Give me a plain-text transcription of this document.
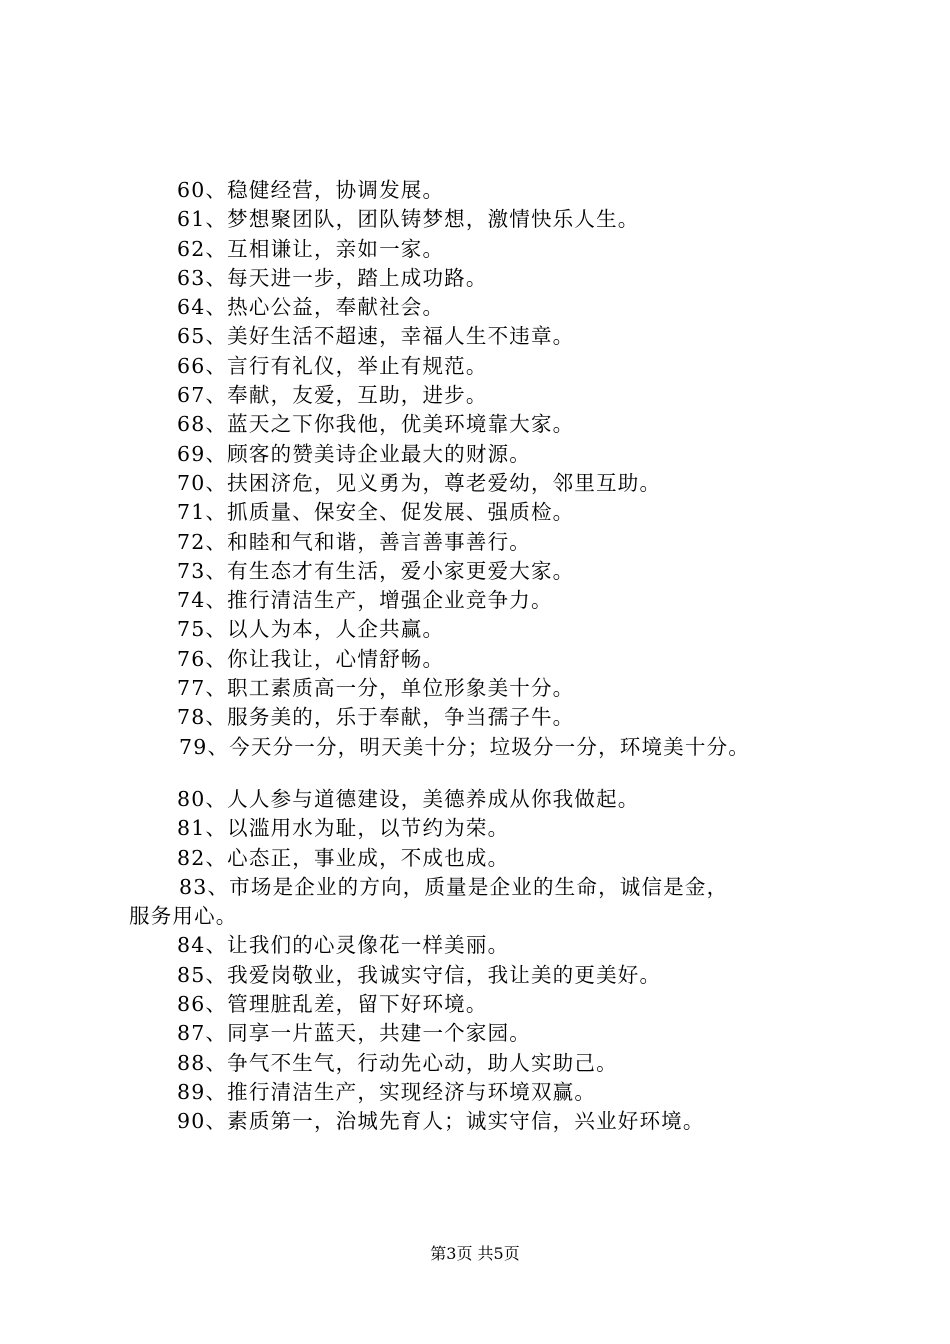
60、稳健经营，协调发展。
61、梦想聚团队，团队铸梦想，激情快乐人生。
62、互相谦让，亲如一家。
63、每天进一步，踏上成功路。
64、热心公益，奉献社会。
65、美好生活不超速，幸福人生不违章。
66、言行有礼仪，举止有规范。
67、奉献，友爱，互助，进步。
68、蓝天之下你我他，优美环境靠大家。
69、顾客的赞美诗企业最大的财源。
70、扶困济危，见义勇为，尊老爱幼，邻里互助。
71、抓质量、保安全、促发展、强质检。
72、和睦和气和谐，善言善事善行。
73、有生态才有生活，爱小家更爱大家。
74、推行清洁生产，增强企业竞争力。
75、以人为本，人企共赢。
76、你让我让，心情舒畅。
77、职工素质高一分，单位形象美十分。
78、服务美的，乐于奉献，争当孺子牛。
79、今天分一分，明天美十分；垃圾分一分，环境美十分。
80、人人参与道德建设，美德养成从你我做起。
81、以滥用水为耻，以节约为荣。
82、心态正，事业成，不成也成。
83、市场是企业的方向，质量是企业的生命，诚信是金，
服务用心。
84、让我们的心灵像花一样美丽。
85、我爱岗敬业，我诚实守信，我让美的更美好。
86、管理脏乱差，留下好环境。
87、同享一片蓝天，共建一个家园。
88、争气不生气，行动先心动，助人实助己。
89、推行清洁生产，实现经济与环境双赢。
90、素质第一，治城先育人；诚实守信，兴业好环境。
第3页 共5页
